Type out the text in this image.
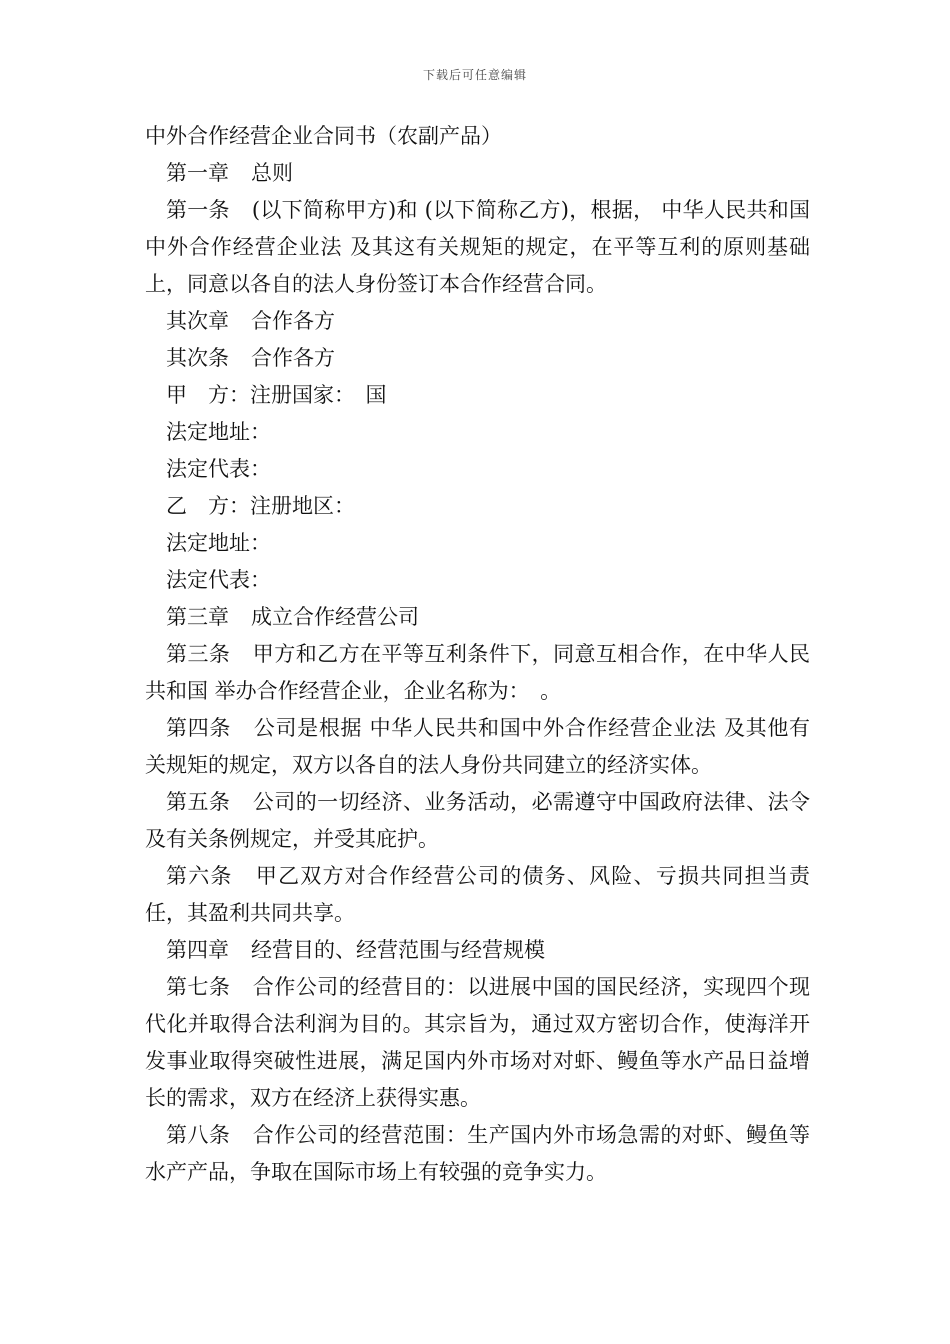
下载后可任意编辑

中外合作经营企业合同书（农副产品）

第一章 总则

第一条 (以下简称甲方)和 (以下简称乙方)，根据， 中华人民共和国中外合作经营企业法 及其这有关规矩的规定，在平等互利的原则基础上，同意以各自的法人身份签订本合作经营合同。

其次章 合作各方

其次条 合作各方

甲　方：注册国家：　国

法定地址：

法定代表：

乙　方：注册地区：

法定地址：

法定代表：

第三章 成立合作经营公司

第三条 甲方和乙方在平等互利条件下，同意互相合作，在中华人民共和国 举办合作经营企业，企业名称为：　。

第四条 公司是根据 中华人民共和国中外合作经营企业法 及其他有关规矩的规定，双方以各自的法人身份共同建立的经济实体。

第五条 公司的一切经济、业务活动，必需遵守中国政府法律、法令及有关条例规定，并受其庇护。

第六条 甲乙双方对合作经营公司的债务、风险、亏损共同担当责任，其盈利共同共享。

第四章 经营目的、经营范围与经营规模

第七条 合作公司的经营目的：以进展中国的国民经济，实现四个现代化并取得合法利润为目的。其宗旨为，通过双方密切合作，使海洋开发事业取得突破性进展，满足国内外市场对对虾、鳗鱼等水产品日益增长的需求，双方在经济上获得实惠。

第八条 合作公司的经营范围：生产国内外市场急需的对虾、鳗鱼等水产产品，争取在国际市场上有较强的竞争实力。
